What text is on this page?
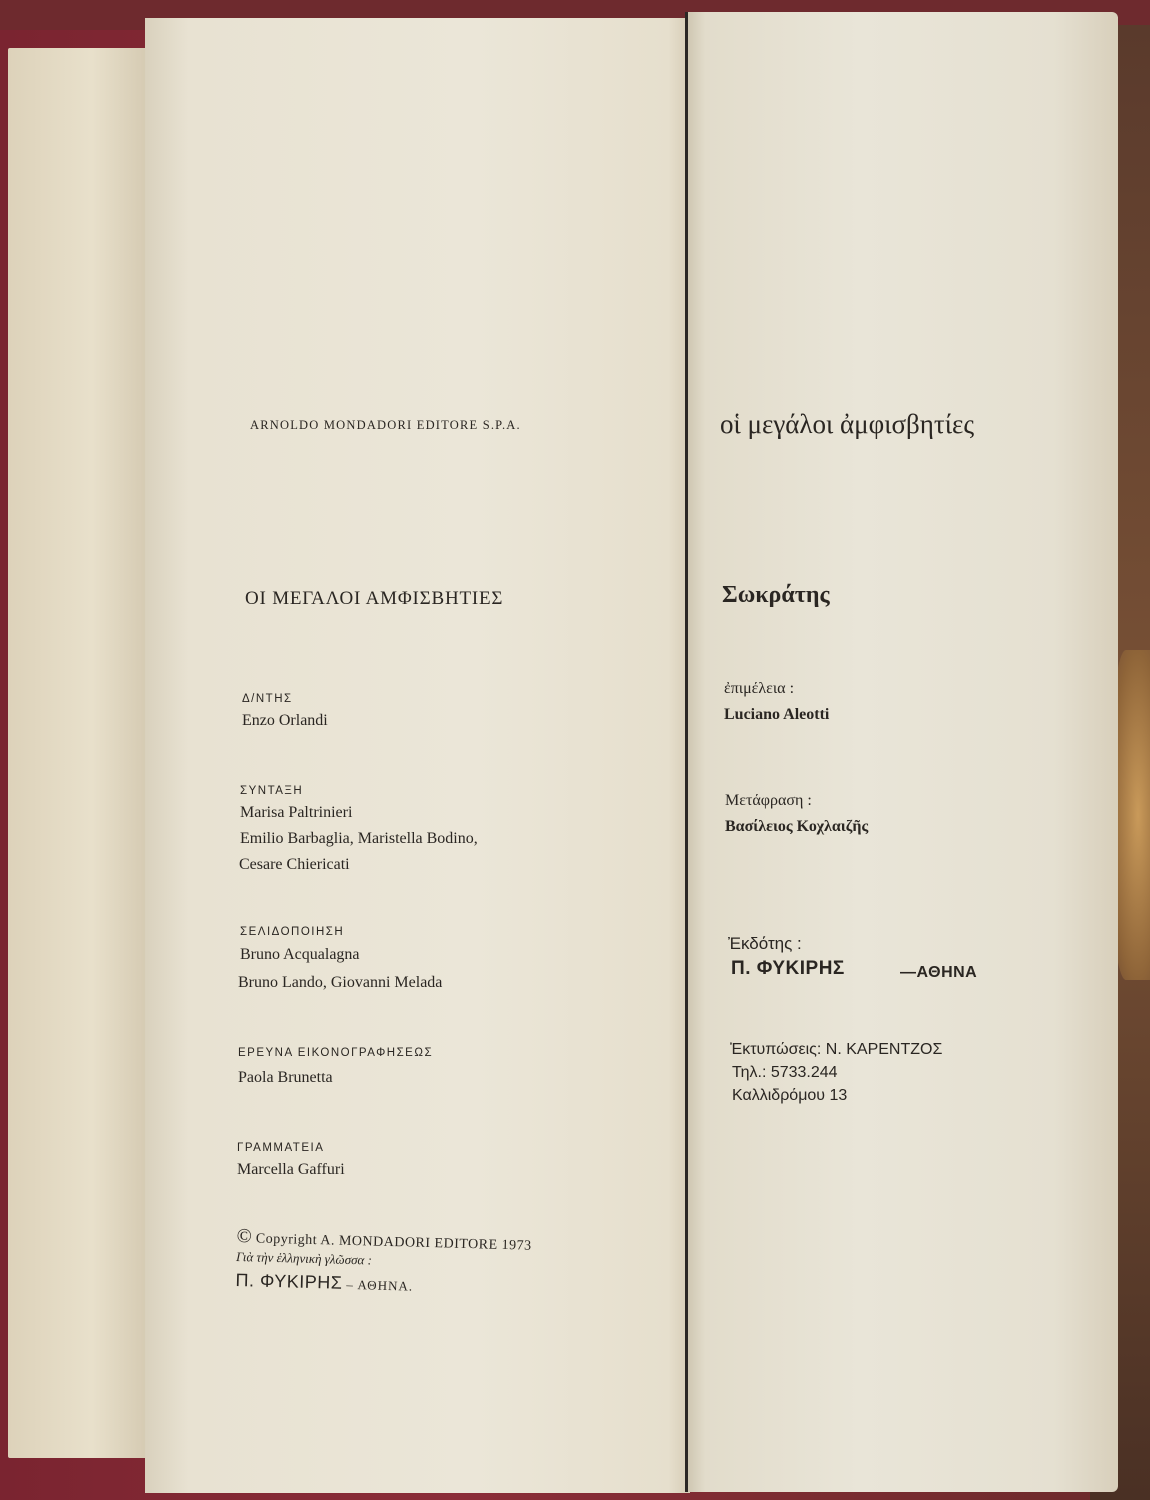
ARNOLDO MONDADORI EDITORE S.P.A.
ΟΙ ΜΕΓΑΛΟΙ ΑΜΦΙΣΒΗΤΙΕΣ
Δ/ΝΤΗΣ
Enzo Orlandi
ΣΥΝΤΑΞΗ
Marisa Paltrinieri
Emilio Barbaglia, Maristella Bodino,
Cesare Chiericati
ΣΕΛΙΔΟΠΟΙΗΣΗ
Bruno Acqualagna
Bruno Lando, Giovanni Melada
ΕΡΕΥΝΑ ΕΙΚΟΝΟΓΡΑΦΗΣΕΩΣ
Paola Brunetta
ΓΡΑΜΜΑΤΕΙΑ
Marcella Gaffuri
© Copyright A. MONDADORI EDITORE 1973
Γιὰ τὴν ἑλληνικὴ γλῶσσα :
Π. ΦΥΚΙΡΗΣ – ΑΘΗΝΑ.
οἱ μεγάλοι ἀμφισβητίες
Σωκράτης
ἐπιμέλεια :
Luciano Aleotti
Μετάφραση :
Βασίλειος Κοχλαιζῆς
Ἐκδότης :
Π. ΦΥΚΙΡΗΣ	—ΑΘΗΝΑ
Ἐκτυπώσεις: Ν. ΚΑΡΕΝΤΖΟΣ
Τηλ.: 5733.244
Καλλιδρόμου 13
